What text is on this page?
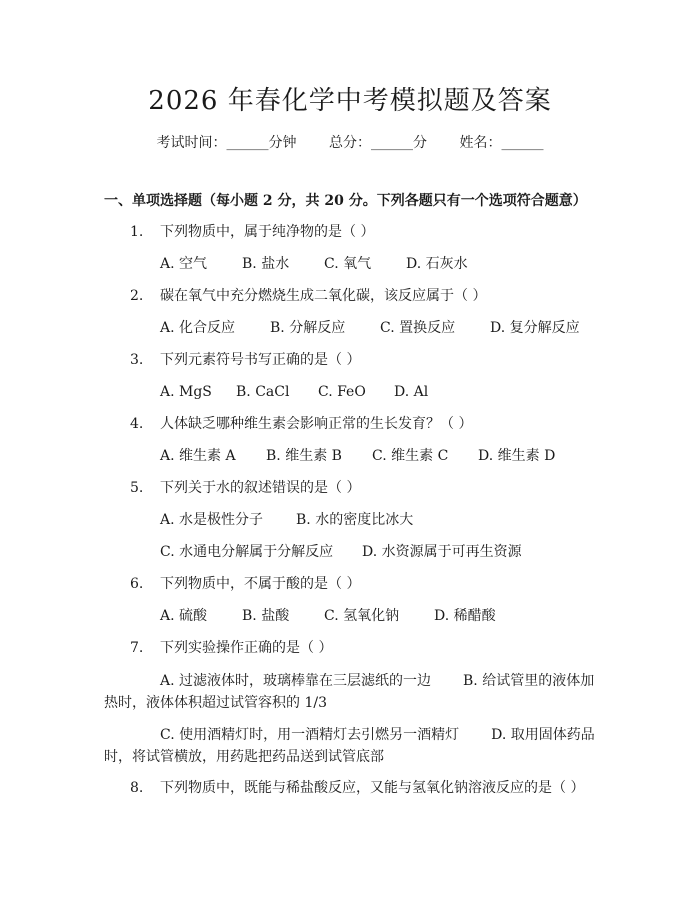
2026 年春化学中考模拟题及答案
考试时间：______分钟 总分：______分 姓名：______
一、单项选择题（每小题 2 分，共 20 分。下列各题只有一个选项符合题意）
1. 下列物质中，属于纯净物的是（ ）
A. 空气 B. 盐水 C. 氧气 D. 石灰水
2. 碳在氧气中充分燃烧生成二氧化碳，该反应属于（ ）
A. 化合反应 B. 分解反应 C. 置换反应 D. 复分解反应
3. 下列元素符号书写正确的是（ ）
A. MgS B. CaCl C. FeO D. Al
4. 人体缺乏哪种维生素会影响正常的生长发育？（ ）
A. 维生素 A B. 维生素 B C. 维生素 C D. 维生素 D
5. 下列关于水的叙述错误的是（ ）
A. 水是极性分子 B. 水的密度比冰大
C. 水通电分解属于分解反应 D. 水资源属于可再生资源
6. 下列物质中，不属于酸的是（ ）
A. 硫酸 B. 盐酸 C. 氢氧化钠 D. 稀醋酸
7. 下列实验操作正确的是（ ）
A. 过滤液体时，玻璃棒靠在三层滤纸的一边 B. 给试管里的液体加热时，液体体积超过试管容积的 1/3
C. 使用酒精灯时，用一酒精灯去引燃另一酒精灯 D. 取用固体药品时，将试管横放，用药匙把药品送到试管底部
8. 下列物质中，既能与稀盐酸反应，又能与氢氧化钠溶液反应的是（ ）
